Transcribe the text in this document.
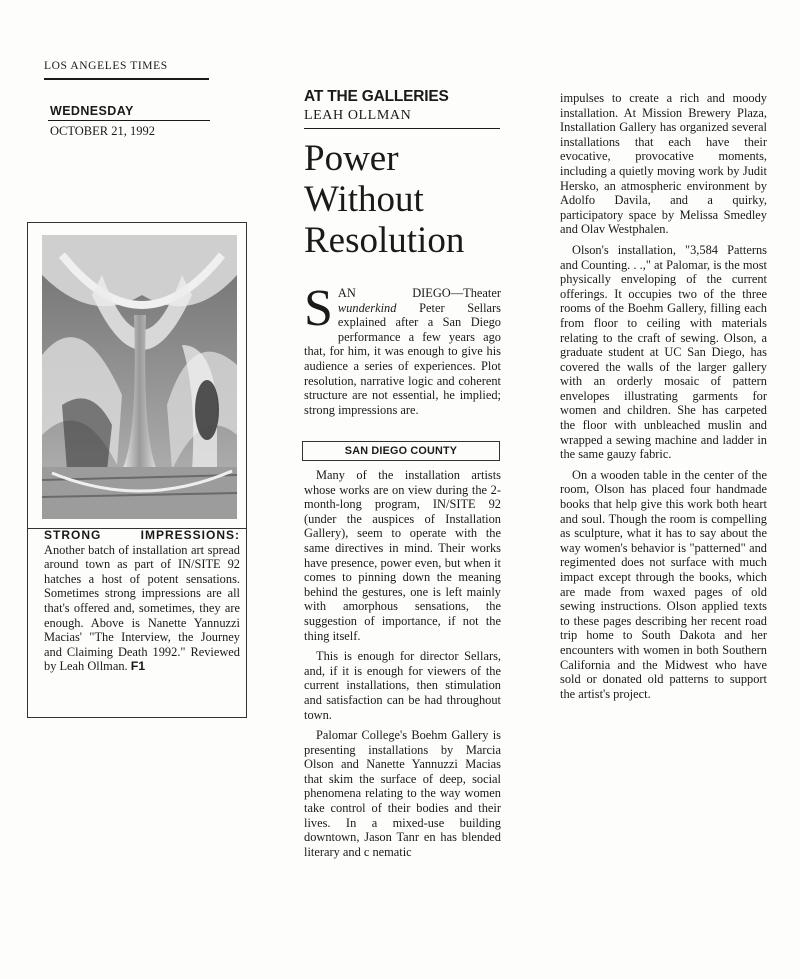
LOS ANGELES TIMES
WEDNESDAY
OCTOBER 21, 1992
STRONG IMPRESSIONS: Another batch of installation art spread around town as part of IN/SITE 92 hatches a host of potent sensations. Sometimes strong impressions are all that's offered and, sometimes, they are enough. Above is Nanette Yannuzzi Macias' "The Interview, the Journey and Claiming Death 1992." Reviewed by Leah Ollman. F1
AT THE GALLERIES
LEAH OLLMAN
Power Without Resolution

SAN DIEGO—Theater wunderkind Peter Sellars explained after a San Diego performance a few years ago that, for him, it was enough to give his audience a series of experiences. Plot resolution, narrative logic and coherent structure are not essential, he implied; strong impressions are.

SAN DIEGO COUNTY

Many of the installation artists whose works are on view during the 2-month-long program, IN/SITE 92 (under the auspices of Installation Gallery), seem to operate with the same directives in mind. Their works have presence, power even, but when it comes to pinning down the meaning behind the gestures, one is left mainly with amorphous sensations, the suggestion of importance, if not the thing itself.

This is enough for director Sellars, and, if it is enough for viewers of the current installations, then stimulation and satisfaction can be had throughout town.

Palomar College's Boehm Gallery is presenting installations by Marcia Olson and Nanette Yannuzzi Macias that skim the surface of deep, social phenomena relating to the way women take control of their bodies and their lives. In a mixed-use building downtown, Jason Tanr en has blended literary and c nematic

impulses to create a rich and moody installation. At Mission Brewery Plaza, Installation Gallery has organized several installations that each have their evocative, provocative moments, including a quietly moving work by Judit Hersko, an atmospheric environment by Adolfo Davila, and a quirky, participatory space by Melissa Smedley and Olav Westphalen.

Olson's installation, "3,584 Patterns and Counting. . .," at Palomar, is the most physically enveloping of the current offerings. It occupies two of the three rooms of the Boehm Gallery, filling each from floor to ceiling with materials relating to the craft of sewing. Olson, a graduate student at UC San Diego, has covered the walls of the larger gallery with an orderly mosaic of pattern envelopes illustrating garments for women and children. She has carpeted the floor with unbleached muslin and wrapped a sewing machine and ladder in the same gauzy fabric.

On a wooden table in the center of the room, Olson has placed four handmade books that help give this work both heart and soul. Though the room is compelling as sculpture, what it has to say about the way women's behavior is "patterned" and regimented does not surface with much impact except through the books, which are made from waxed pages of old sewing instructions. Olson applied texts to these pages describing her recent road trip home to South Dakota and her encounters with women in both Southern California and the Midwest who have sold or donated old patterns to support the artist's project.
